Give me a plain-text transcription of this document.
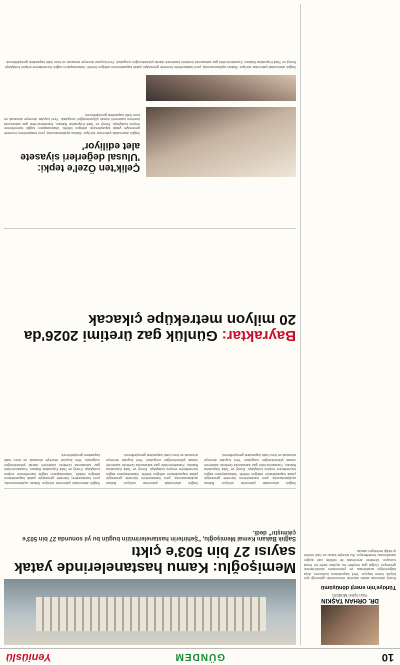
10
GÜNDEM
Yeniüslü
DR. ORHAN TAŞKIN
Yazı İşleri Müdürü
Türkiye'nin enerji dönüşümü
Enerji alanında atılan adımlar ekonominin geleceği için büyük önem taşıyor. Yerli kaynakların kullanımı, dışa bağımlılığın azaltılması ve yatırımların sürdürülmesi gerekiyor. Doğal gaz keşifleri bu açıdan tarihi bir fırsat sunuyor. Üretimin artırılması ile birlikte cari açığın daraltılması hedefleniyor. Bu süreçte kamu ve özel sektör iş birliği belirleyici olacak.
Memişoğlu: Kamu hastanelerinde yatak sayısı 27 bin 503'e çıktı
Sağlık Bakanı Kemal Memişoğlu, "Şehirlerin hastanelerimizin bugün bu yıl sonunda 27 bin 503'e çıkmıştır" dedi.
Sağlık alanındaki yatırımlar sürüyor. Bakan açıklamasında, yeni hastanelerin hizmete girmesiyle yatak kapasitesinin arttığını belirtti. Vatandaşların sağlık hizmetlerine erişimi kolaylaştı. Enerji ve Tabii Kaynaklar Bakanı, Karadeniz'deki gaz sahasında üretimin kademeli olarak yükseleceğini vurguladı. Yeni kuyular devreye alınacak ve boru hattı kapasitesi genişletilecek.
Sağlık alanındaki yatırımlar sürüyor. Bakan açıklamasında, yeni hastanelerin hizmete girmesiyle yatak kapasitesinin arttığını belirtti. Vatandaşların sağlık hizmetlerine erişimi kolaylaştı. Enerji ve Tabii Kaynaklar Bakanı, Karadeniz'deki gaz sahasında üretimin kademeli olarak yükseleceğini vurguladı. Yeni kuyular devreye alınacak ve boru hattı kapasitesi genişletilecek.
Sağlık alanındaki yatırımlar sürüyor. Bakan açıklamasında, yeni hastanelerin hizmete girmesiyle yatak kapasitesinin arttığını belirtti. Vatandaşların sağlık hizmetlerine erişimi kolaylaştı. Enerji ve Tabii Kaynaklar Bakanı, Karadeniz'deki gaz sahasında üretimin kademeli olarak yükseleceğini vurguladı. Yeni kuyular devreye alınacak ve boru hattı kapasitesi genişletilecek.
Bayraktar: Günlük gaz üretimi 2026'da 20 milyon metreküpe çıkacak
Çelik'ten Özel'e tepki: 'Ulusal değerleri siyasete alet ediliyor'
Sağlık alanındaki yatırımlar sürüyor. Bakan açıklamasında, yeni hastanelerin hizmete girmesiyle yatak kapasitesinin arttığını belirtti. Vatandaşların sağlık hizmetlerine erişimi kolaylaştı. Enerji ve Tabii Kaynaklar Bakanı, Karadeniz'deki gaz sahasında üretimin kademeli olarak yükseleceğini vurguladı. Yeni kuyular devreye alınacak ve boru hattı kapasitesi genişletilecek.
Sağlık alanındaki yatırımlar sürüyor. Bakan açıklamasında, yeni hastanelerin hizmete girmesiyle yatak kapasitesinin arttığını belirtti. Vatandaşların sağlık hizmetlerine erişimi kolaylaştı. Enerji ve Tabii Kaynaklar Bakanı, Karadeniz'deki gaz sahasında üretimin kademeli olarak yükseleceğini vurguladı. Yeni kuyular devreye alınacak ve boru hattı kapasitesi genişletilecek.
